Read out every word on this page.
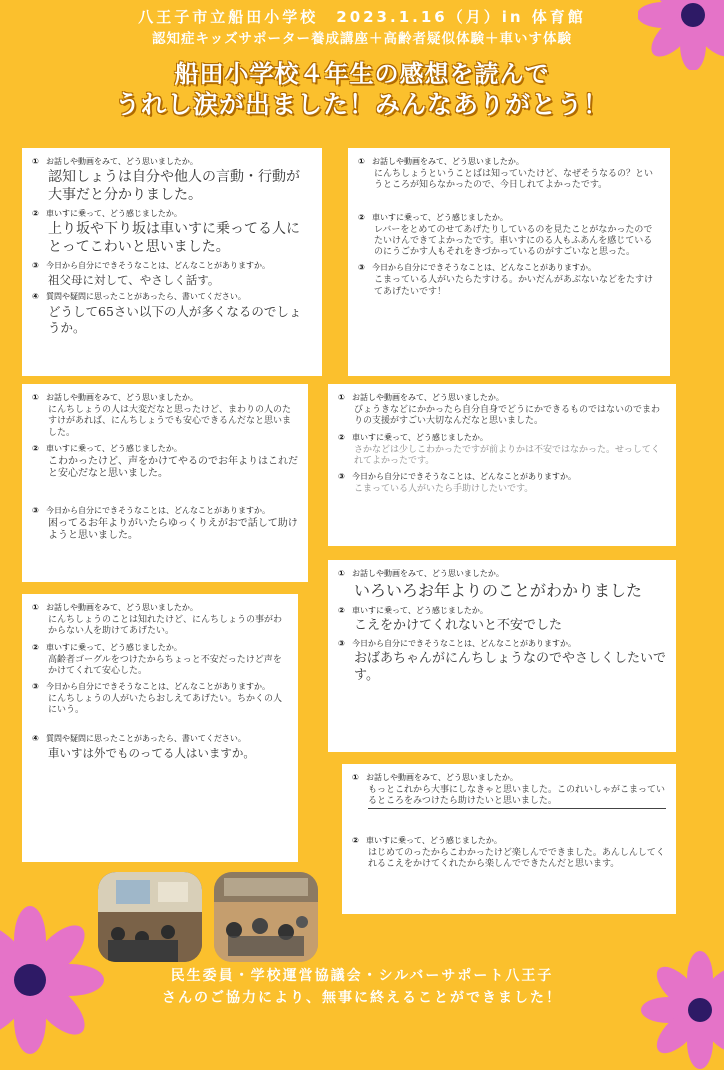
八王子市立船田小学校　2023.1.16（月）in 体育館
認知症キッズサポーター養成講座＋高齢者疑似体験＋車いす体験
船田小学校４年生の感想を読んで
うれし涙が出ました！みんなありがとう！
① お話しや動画をみて、どう思いましたか。
認知しょうは自分や他人の言動・行動が大事だと分かりました。
② 車いすに乗って、どう感じましたか。
上り坂や下り坂は車いすに乗ってる人にとってこわいと思いました。
③ 今日から自分にできそうなことは、どんなことがありますか。
祖父母に対して、やさしく話す。
④ 質問や疑問に思ったことがあったら、書いてください。
どうして65さい以下の人が多くなるのでしょうか。
① お話しや動画をみて、どう思いましたか。
にんちしょうということばは知っていたけど、なぜそうなるの？というところが知らなかったので、今日しれてよかったです。
② 車いすに乗って、どう感じましたか。
レバーをとめてのせてあげたりしているのを見たことがなかったのでたいけんできてよかったです。車いすにのる人もふあんを感じているのにうごかす人もそれをきづかっているのがすごいなと思った。
③ 今日から自分にできそうなことは、どんなことがありますか。
こまっている人がいたらたすける。かいだんがあぶないなどをたすけてあげたいです！
① お話しや動画をみて、どう思いましたか。
にんちしょうの人は大変だなと思ったけど、まわりの人のたすけがあれば、にんちしょうでも安心できるんだなと思いました。
② 車いすに乗って、どう感じましたか。
こわかったけど、声をかけてやるのでお年よりはこれだと安心だなと思いました。
③ 今日から自分にできそうなことは、どんなことがありますか。
困ってるお年よりがいたらゆっくりえがおで話して助けようと思いました。
① お話しや動画をみて、どう思いましたか。
びょうきなどにかかったら自分自身でどうにかできるものではないのでまわりの支援がすごい大切なんだなと思いました。
② 車いすに乗って、どう感じましたか。
さかなどは少しこわかったですが前よりかは不安ではなかった。せっしてくれてよかったです。
③ 今日から自分にできそうなことは、どんなことがありますか。
こまっている人がいたら手助けしたいです。
① お話しや動画をみて、どう思いましたか。
にんちしょうのことは知れたけど、にんちしょうの事がわからない人を助けてあげたい。
② 車いすに乗って、どう感じましたか。
高齢者ゴーグルをつけたからちょっと不安だったけど声をかけてくれて安心した。
③ 今日から自分にできそうなことは、どんなことがありますか。
にんちしょうの人がいたらおしえてあげたい。ちかくの人にいう。
④ 質問や疑問に思ったことがあったら、書いてください。
車いすは外でものってる人はいますか。
① お話しや動画をみて、どう思いましたか。
いろいろお年よりのことがわかりました
② 車いすに乗って、どう感じましたか。
こえをかけてくれないと不安でした
③ 今日から自分にできそうなことは、どんなことがありますか。
おばあちゃんがにんちしょうなのでやさしくしたいです。
① お話しや動画をみて、どう思いましたか。
もっとこれから大事にしなきゃと思いました。このれいしゃがこまっているところをみつけたら助けたいと思いました。
② 車いすに乗って、どう感じましたか。
はじめてのったからこわかったけど楽しんでできました。あんしんしてくれるこえをかけてくれたから楽しんでできたんだと思います。
民生委員・学校運営協議会・シルバーサポート八王子
さんのご協力により、無事に終えることができました！
